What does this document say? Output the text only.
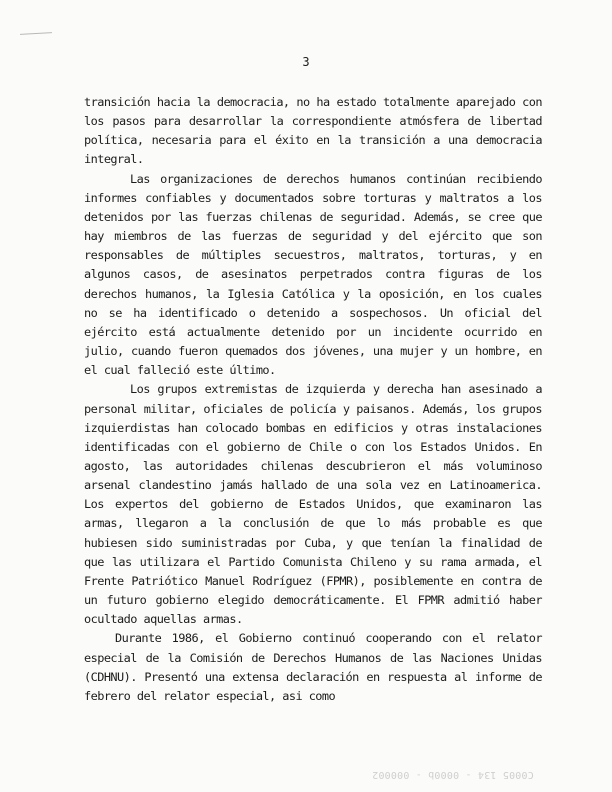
3

transición hacia la democracia, no ha estado totalmente aparejado con los pasos para desarrollar la correspondiente atmósfera de libertad política, necesaria para el éxito en la transición a una democracia integral.

Las organizaciones de derechos humanos continúan recibiendo informes confiables y documentados sobre torturas y maltratos a los detenidos por las fuerzas chilenas de seguridad. Además, se cree que hay miembros de las fuerzas de seguridad y del ejército que son responsables de múltiples secuestros, maltratos, torturas, y en algunos casos, de asesinatos perpetrados contra figuras de los derechos humanos, la Iglesia Católica y la oposición, en los cuales no se ha identificado o detenido a sospechosos. Un oficial del ejército está actualmente detenido por un incidente ocurrido en julio, cuando fueron quemados dos jóvenes, una mujer y un hombre, en el cual falleció este último.

Los grupos extremistas de izquierda y derecha han asesinado a personal militar, oficiales de policía y paisanos. Además, los grupos izquierdistas han colocado bombas en edificios y otras instalaciones identificadas con el gobierno de Chile o con los Estados Unidos. En agosto, las autoridades chilenas descubrieron el más voluminoso arsenal clandestino jamás hallado de una sola vez en Latinoamerica. Los expertos del gobierno de Estados Unidos, que examinaron las armas, llegaron a la conclusión de que lo más probable es que hubiesen sido suministradas por Cuba, y que tenían la finalidad de que las utilizara el Partido Comunista Chileno y su rama armada, el Frente Patriótico Manuel Rodríguez (FPMR), posiblemente en contra de un futuro gobierno elegido democráticamente. El FPMR admitió haber ocultado aquellas armas.

Durante 1986, el Gobierno continuó cooperando con el relator especial de la Comisión de Derechos Humanos de las Naciones Unidas (CDHNU). Presentó una extensa declaración en respuesta al informe de febrero del relator especial, asi como

C0005 134 - 0000b - 000002
